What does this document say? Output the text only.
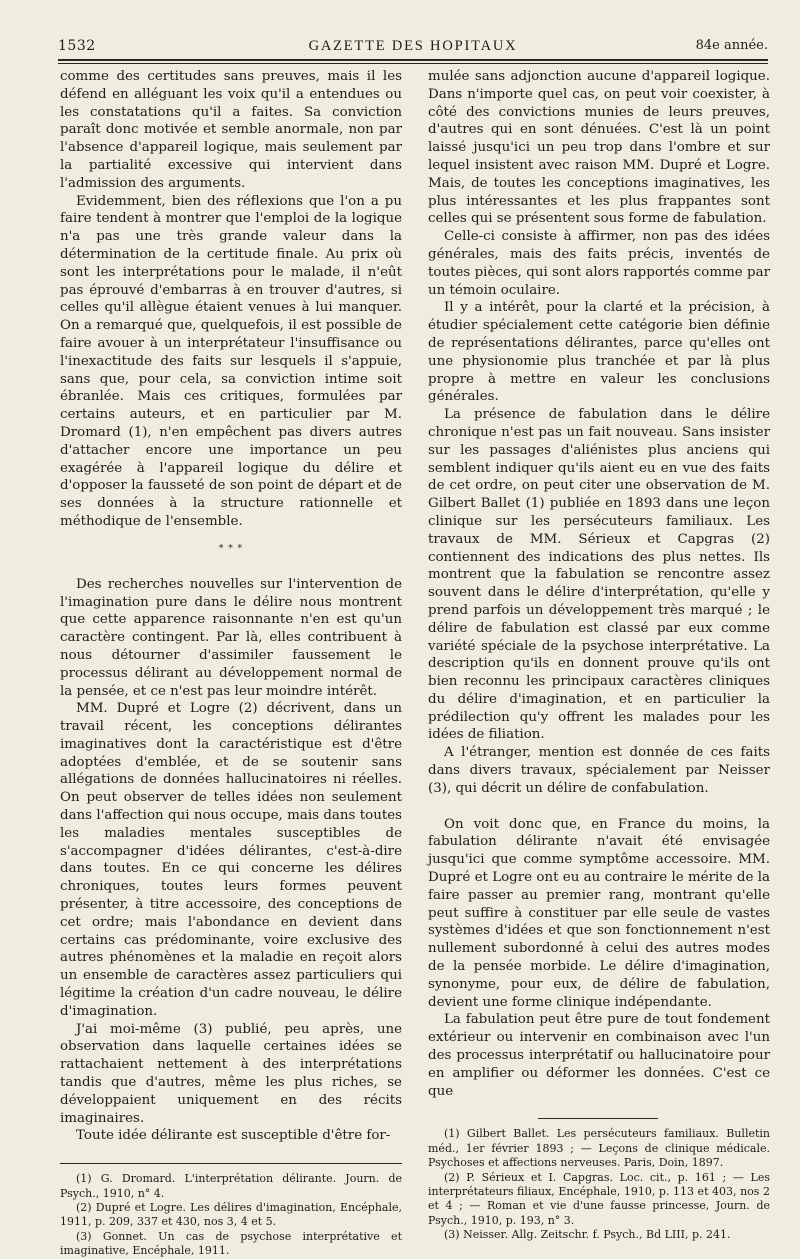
1532	GAZETTE DES HOPITAUX	84e année.

comme des certitudes sans preuves, mais il les défend en alléguant les voix qu'il a entendues ou les constatations qu'il a faites. Sa conviction paraît donc motivée et semble anormale, non par l'absence d'appareil logique, mais seulement par la partialité excessive qui intervient dans l'admission des arguments.

Evidemment, bien des réflexions que l'on a pu faire tendent à montrer que l'emploi de la logique n'a pas une très grande valeur dans la détermination de la certitude finale. Au prix où sont les interprétations pour le malade, il n'eût pas éprouvé d'embarras à en trouver d'autres, si celles qu'il allègue étaient venues à lui manquer. On a remarqué que, quelquefois, il est possible de faire avouer à un interprétateur l'insuffisance ou l'inexactitude des faits sur lesquels il s'appuie, sans que, pour cela, sa conviction intime soit ébranlée. Mais ces critiques, formulées par certains auteurs, et en particulier par M. Dromard (1), n'en empêchent pas divers autres d'attacher encore une importance un peu exagérée à l'appareil logique du délire et d'opposer la fausseté de son point de départ et de ses données à la structure rationnelle et méthodique de l'ensemble.

* * *

Des recherches nouvelles sur l'intervention de l'imagination pure dans le délire nous montrent que cette apparence raisonnante n'en est qu'un caractère contingent. Par là, elles contribuent à nous détourner d'assimiler faussement le processus délirant au développement normal de la pensée, et ce n'est pas leur moindre intérêt.

MM. Dupré et Logre (2) décrivent, dans un travail récent, les conceptions délirantes imaginatives dont la caractéristique est d'être adoptées d'emblée, et de se soutenir sans allégations de données hallucinatoires ni réelles. On peut observer de telles idées non seulement dans l'affection qui nous occupe, mais dans toutes les maladies mentales susceptibles de s'accompagner d'idées délirantes, c'est-à-dire dans toutes. En ce qui concerne les délires chroniques, toutes leurs formes peuvent présenter, à titre accessoire, des conceptions de cet ordre; mais l'abondance en devient dans certains cas prédominante, voire exclusive des autres phénomènes et la maladie en reçoit alors un ensemble de caractères assez particuliers qui légitime la création d'un cadre nouveau, le délire d'imagination.

J'ai moi-même (3) publié, peu après, une observation dans laquelle certaines idées se rattachaient nettement à des interprétations tandis que d'autres, même les plus riches, se développaient uniquement en des récits imaginaires.

Toute idée délirante est susceptible d'être for-

(1) G. Dromard. L'interprétation délirante. Journ. de Psych., 1910, n° 4.

(2) Dupré et Logre. Les délires d'imagination, Encéphale, 1911, p. 209, 337 et 430, nos 3, 4 et 5.

(3) Gonnet. Un cas de psychose interprétative et imaginative, Encéphale, 1911.

mulée sans adjonction aucune d'appareil logique. Dans n'importe quel cas, on peut voir coexister, à côté des convictions munies de leurs preuves, d'autres qui en sont dénuées. C'est là un point laissé jusqu'ici un peu trop dans l'ombre et sur lequel insistent avec raison MM. Dupré et Logre. Mais, de toutes les conceptions imaginatives, les plus intéressantes et les plus frappantes sont celles qui se présentent sous forme de fabulation.

Celle-ci consiste à affirmer, non pas des idées générales, mais des faits précis, inventés de toutes pièces, qui sont alors rapportés comme par un témoin oculaire.

Il y a intérêt, pour la clarté et la précision, à étudier spécialement cette catégorie bien définie de représentations délirantes, parce qu'elles ont une physionomie plus tranchée et par là plus propre à mettre en valeur les conclusions générales.

La présence de fabulation dans le délire chronique n'est pas un fait nouveau. Sans insister sur les passages d'aliénistes plus anciens qui semblent indiquer qu'ils aient eu en vue des faits de cet ordre, on peut citer une observation de M. Gilbert Ballet (1) publiée en 1893 dans une leçon clinique sur les persécuteurs familiaux. Les travaux de MM. Sérieux et Capgras (2) contiennent des indications des plus nettes. Ils montrent que la fabulation se rencontre assez souvent dans le délire d'interprétation, qu'elle y prend parfois un développement très marqué ; le délire de fabulation est classé par eux comme variété spéciale de la psychose interprétative. La description qu'ils en donnent prouve qu'ils ont bien reconnu les principaux caractères cliniques du délire d'imagination, et en particulier la prédilection qu'y offrent les malades pour les idées de filiation.

A l'étranger, mention est donnée de ces faits dans divers travaux, spécialement par Neisser (3), qui décrit un délire de confabulation.

On voit donc que, en France du moins, la fabulation délirante n'avait été envisagée jusqu'ici que comme symptôme accessoire. MM. Dupré et Logre ont eu au contraire le mérite de la faire passer au premier rang, montrant qu'elle peut suffire à constituer par elle seule de vastes systèmes d'idées et que son fonctionnement n'est nullement subordonné à celui des autres modes de la pensée morbide. Le délire d'imagination, synonyme, pour eux, de délire de fabulation, devient une forme clinique indépendante.

La fabulation peut être pure de tout fondement extérieur ou intervenir en combinaison avec l'un des processus interprétatif ou hallucinatoire pour en amplifier ou déformer les données. C'est ce que

(1) Gilbert Ballet. Les persécuteurs familiaux. Bulletin méd., 1er février 1893 ; — Leçons de clinique médicale. Psychoses et affections nerveuses. Paris, Doin, 1897.

(2) P. Sérieux et I. Capgras. Loc. cit., p. 161 ; — Les interprétateurs filiaux, Encéphale, 1910, p. 113 et 403, nos 2 et 4 ; — Roman et vie d'une fausse princesse, Journ. de Psych., 1910, p. 193, n° 3.

(3) Neisser. Allg. Zeitschr. f. Psych., Bd LIII, p. 241.
